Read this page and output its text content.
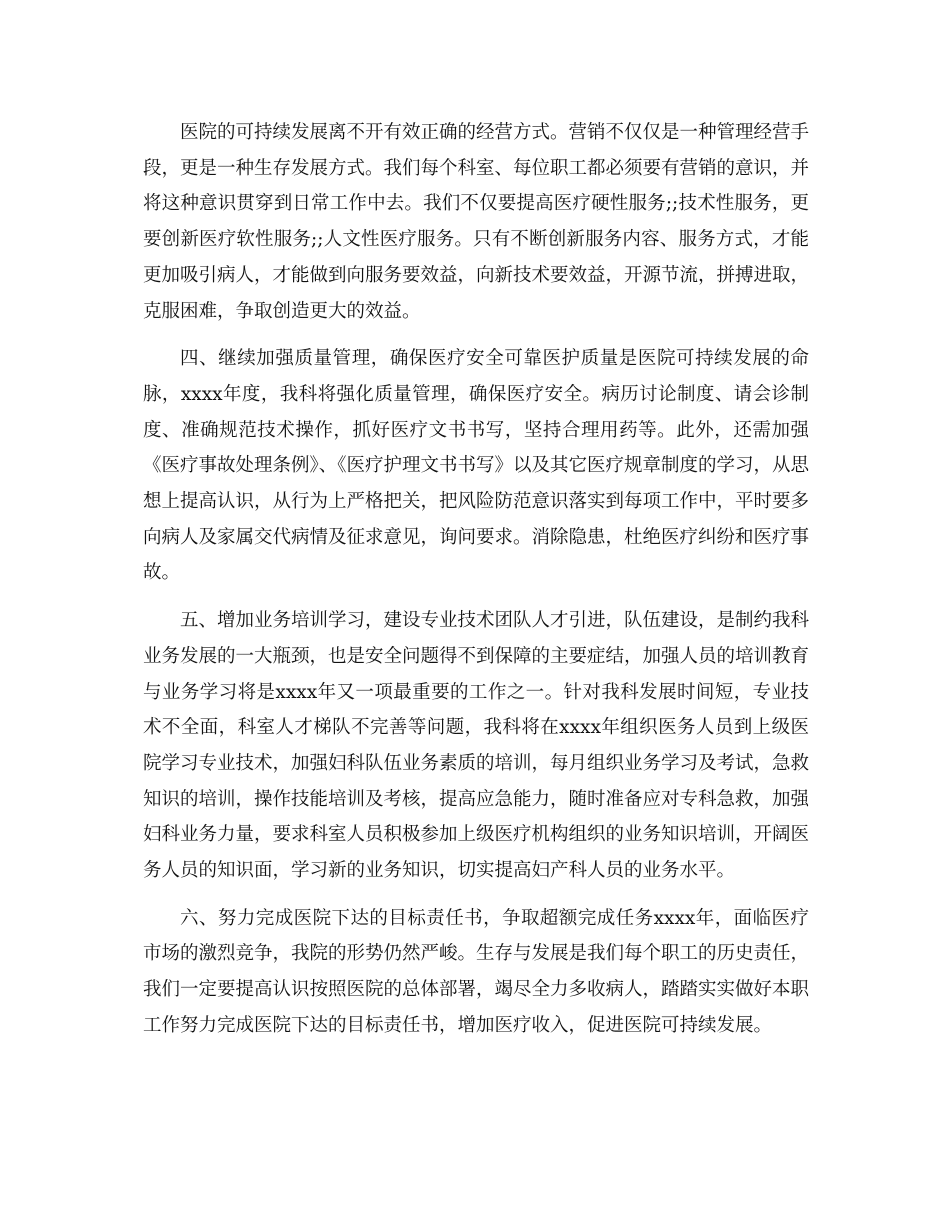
医院的可持续发展离不开有效正确的经营方式。营销不仅仅是一种管理经营手段，更是一种生存发展方式。我们每个科室、每位职工都必须要有营销的意识，并将这种意识贯穿到日常工作中去。我们不仅要提高医疗硬性服务;;技术性服务，更要创新医疗软性服务;;人文性医疗服务。只有不断创新服务内容、服务方式，才能更加吸引病人，才能做到向服务要效益，向新技术要效益，开源节流，拼搏进取，克服困难，争取创造更大的效益。

四、继续加强质量管理，确保医疗安全可靠医护质量是医院可持续发展的命脉，xxxx年度，我科将强化质量管理，确保医疗安全。病历讨论制度、请会诊制度、准确规范技术操作，抓好医疗文书书写，坚持合理用药等。此外，还需加强《医疗事故处理条例》、《医疗护理文书书写》以及其它医疗规章制度的学习，从思想上提高认识，从行为上严格把关，把风险防范意识落实到每项工作中，平时要多向病人及家属交代病情及征求意见，询问要求。消除隐患，杜绝医疗纠纷和医疗事故。

五、增加业务培训学习，建设专业技术团队人才引进，队伍建设，是制约我科业务发展的一大瓶颈，也是安全问题得不到保障的主要症结，加强人员的培训教育与业务学习将是xxxx年又一项最重要的工作之一。针对我科发展时间短，专业技术不全面，科室人才梯队不完善等问题，我科将在xxxx年组织医务人员到上级医院学习专业技术，加强妇科队伍业务素质的培训，每月组织业务学习及考试，急救知识的培训，操作技能培训及考核，提高应急能力，随时准备应对专科急救，加强妇科业务力量，要求科室人员积极参加上级医疗机构组织的业务知识培训，开阔医务人员的知识面，学习新的业务知识，切实提高妇产科人员的业务水平。

六、努力完成医院下达的目标责任书，争取超额完成任务xxxx年，面临医疗市场的激烈竞争，我院的形势仍然严峻。生存与发展是我们每个职工的历史责任，我们一定要提高认识按照医院的总体部署，竭尽全力多收病人，踏踏实实做好本职工作努力完成医院下达的目标责任书，增加医疗收入，促进医院可持续发展。
